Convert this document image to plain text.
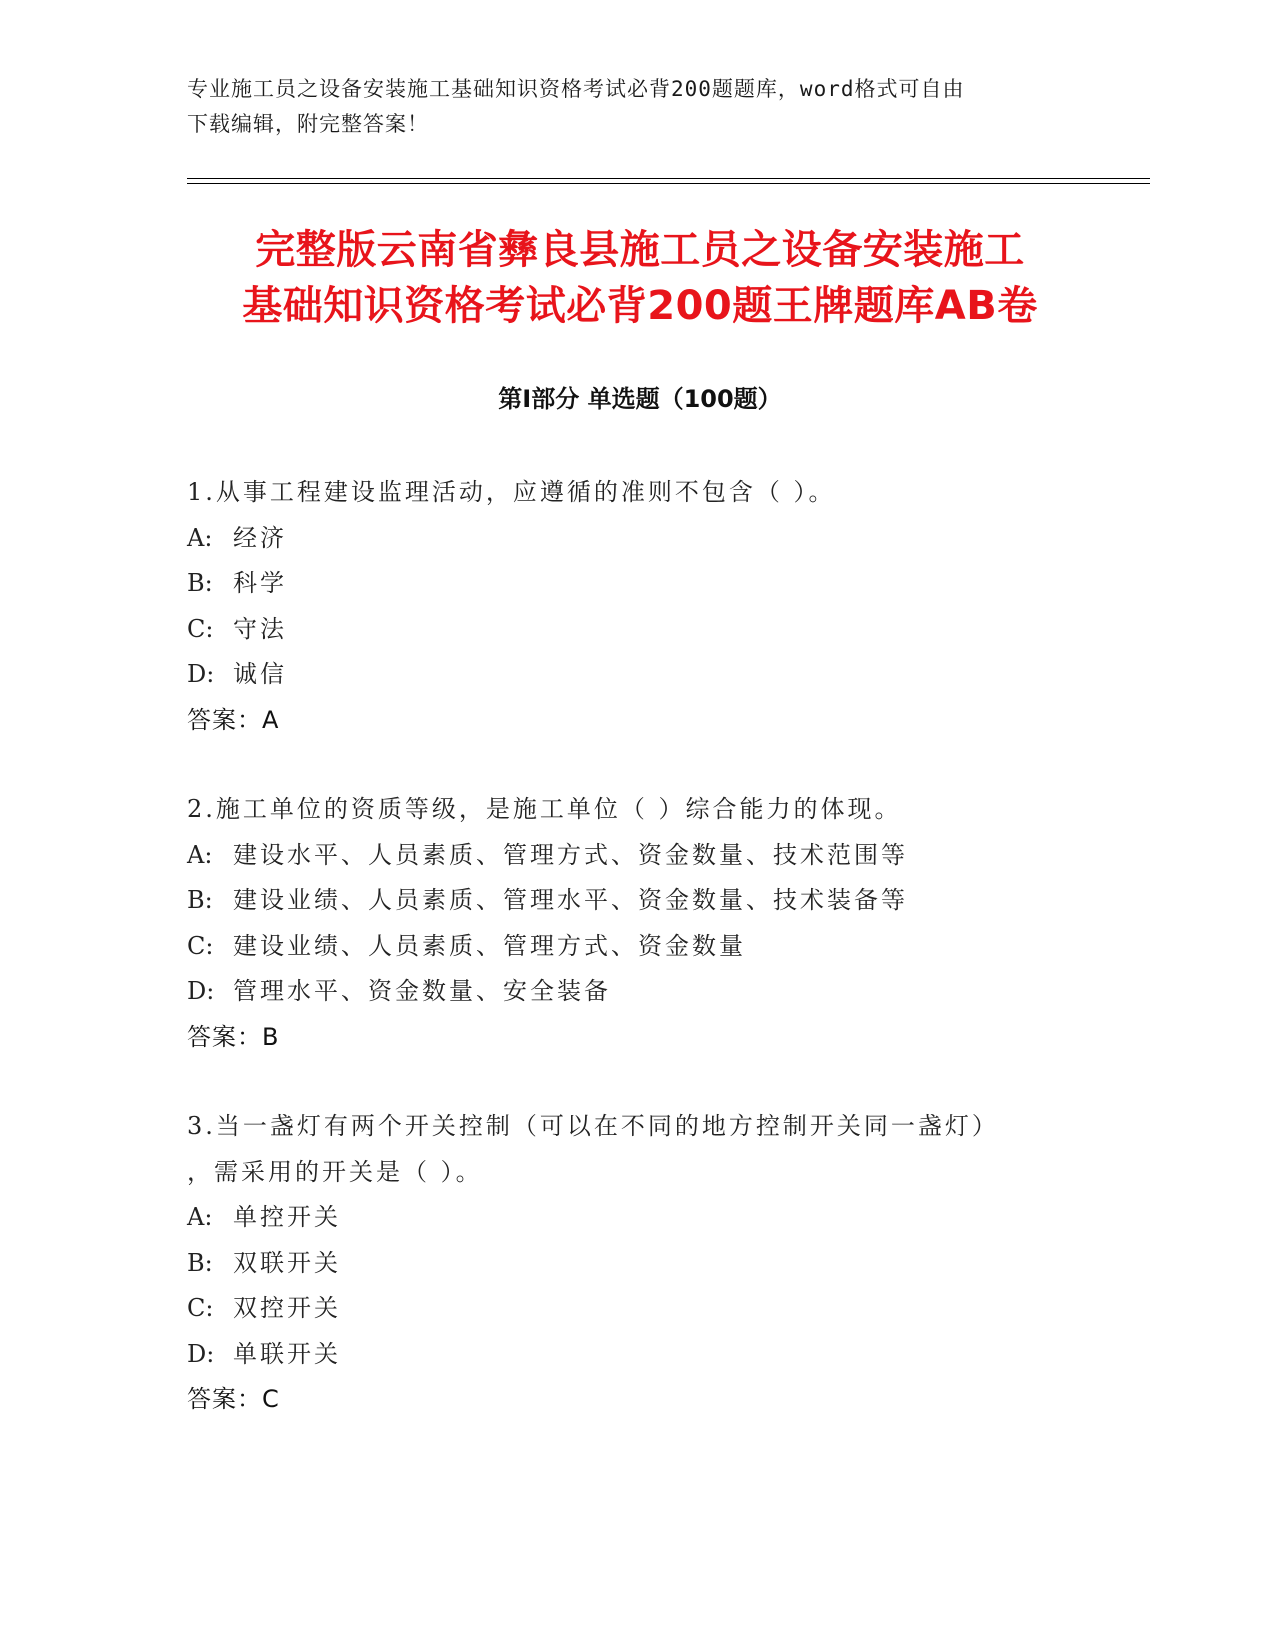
专业施工员之设备安装施工基础知识资格考试必背200题题库，word格式可自由
下载编辑，附完整答案！
完整版云南省彝良县施工员之设备安装施工
基础知识资格考试必背200题王牌题库AB卷
第Ⅰ部分 单选题（100题）
1.从事工程建设监理活动，应遵循的准则不包含（ ）。
A: 经济
B: 科学
C: 守法
D: 诚信
答案：A
2.施工单位的资质等级，是施工单位（ ）综合能力的体现。
A: 建设水平、人员素质、管理方式、资金数量、技术范围等
B: 建设业绩、人员素质、管理水平、资金数量、技术装备等
C: 建设业绩、人员素质、管理方式、资金数量
D: 管理水平、资金数量、安全装备
答案：B
3.当一盏灯有两个开关控制（可以在不同的地方控制开关同一盏灯）
，需采用的开关是（ ）。
A: 单控开关
B: 双联开关
C: 双控开关
D: 单联开关
答案：C
